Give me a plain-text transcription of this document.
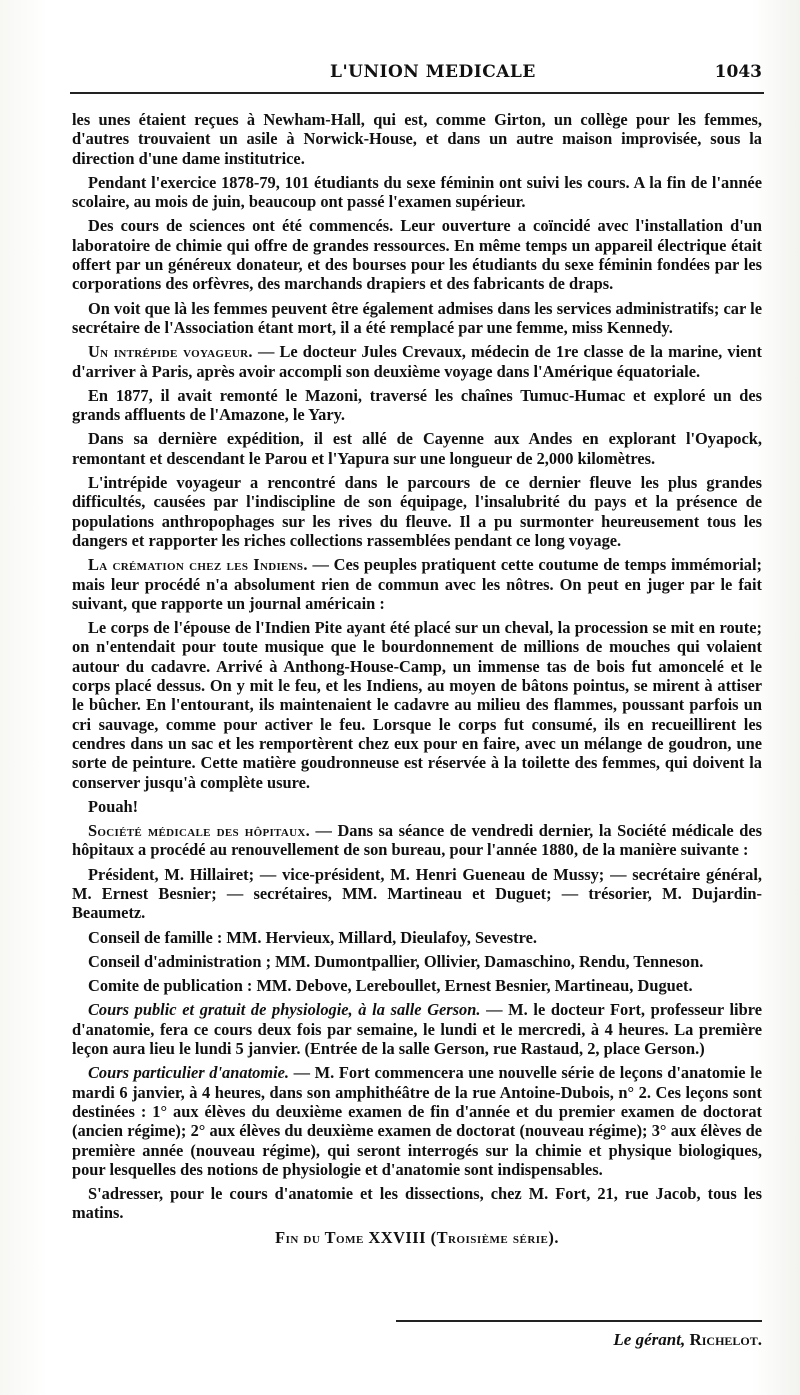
L'UNION MEDICALE	1043

les unes étaient reçues à Newham-Hall, qui est, comme Girton, un collège pour les femmes, d'autres trouvaient un asile à Norwick-House, et dans un autre maison improvisée, sous la direction d'une dame institutrice.

Pendant l'exercice 1878-79, 101 étudiants du sexe féminin ont suivi les cours. A la fin de l'année scolaire, au mois de juin, beaucoup ont passé l'examen supérieur.

Des cours de sciences ont été commencés. Leur ouverture a coïncidé avec l'installation d'un laboratoire de chimie qui offre de grandes ressources. En même temps un appareil électrique était offert par un généreux donateur, et des bourses pour les étudiants du sexe féminin fondées par les corporations des orfèvres, des marchands drapiers et des fabricants de draps.

On voit que là les femmes peuvent être également admises dans les services administratifs; car le secrétaire de l'Association étant mort, il a été remplacé par une femme, miss Kennedy.

Un intrépide voyageur. — Le docteur Jules Crevaux, médecin de 1re classe de la marine, vient d'arriver à Paris, après avoir accompli son deuxième voyage dans l'Amérique équatoriale.

En 1877, il avait remonté le Mazoni, traversé les chaînes Tumuc-Humac et exploré un des grands affluents de l'Amazone, le Yary.

Dans sa dernière expédition, il est allé de Cayenne aux Andes en explorant l'Oyapock, remontant et descendant le Parou et l'Yapura sur une longueur de 2,000 kilomètres.

L'intrépide voyageur a rencontré dans le parcours de ce dernier fleuve les plus grandes difficultés, causées par l'indiscipline de son équipage, l'insalubrité du pays et la présence de populations anthropophages sur les rives du fleuve. Il a pu surmonter heureusement tous les dangers et rapporter les riches collections rassemblées pendant ce long voyage.

La crémation chez les Indiens. — Ces peuples pratiquent cette coutume de temps immémorial; mais leur procédé n'a absolument rien de commun avec les nôtres. On peut en juger par le fait suivant, que rapporte un journal américain :

Le corps de l'épouse de l'Indien Pite ayant été placé sur un cheval, la procession se mit en route; on n'entendait pour toute musique que le bourdonnement de millions de mouches qui volaient autour du cadavre. Arrivé à Anthong-House-Camp, un immense tas de bois fut amoncelé et le corps placé dessus. On y mit le feu, et les Indiens, au moyen de bâtons pointus, se mirent à attiser le bûcher. En l'entourant, ils maintenaient le cadavre au milieu des flammes, poussant parfois un cri sauvage, comme pour activer le feu. Lorsque le corps fut consumé, ils en recueillirent les cendres dans un sac et les remportèrent chez eux pour en faire, avec un mélange de goudron, une sorte de peinture. Cette matière goudronneuse est réservée à la toilette des femmes, qui doivent la conserver jusqu'à complète usure.

Pouah!

Société médicale des hôpitaux. — Dans sa séance de vendredi dernier, la Société médicale des hôpitaux a procédé au renouvellement de son bureau, pour l'année 1880, de la manière suivante :

Président, M. Hillairet; — vice-président, M. Henri Gueneau de Mussy; — secrétaire général, M. Ernest Besnier; — secrétaires, MM. Martineau et Duguet; — trésorier, M. Dujardin-Beaumetz.

Conseil de famille : MM. Hervieux, Millard, Dieulafoy, Sevestre.

Conseil d'administration ; MM. Dumontpallier, Ollivier, Damaschino, Rendu, Tenneson.

Comite de publication : MM. Debove, Lereboullet, Ernest Besnier, Martineau, Duguet.

Cours public et gratuit de physiologie, à la salle Gerson. — M. le docteur Fort, professeur libre d'anatomie, fera ce cours deux fois par semaine, le lundi et le mercredi, à 4 heures. La première leçon aura lieu le lundi 5 janvier. (Entrée de la salle Gerson, rue Rastaud, 2, place Gerson.)

Cours particulier d'anatomie. — M. Fort commencera une nouvelle série de leçons d'anatomie le mardi 6 janvier, à 4 heures, dans son amphithéâtre de la rue Antoine-Dubois, n° 2. Ces leçons sont destinées : 1° aux élèves du deuxième examen de fin d'année et du premier examen de doctorat (ancien régime); 2° aux élèves du deuxième examen de doctorat (nouveau régime); 3° aux élèves de première année (nouveau régime), qui seront interrogés sur la chimie et physique biologiques, pour lesquelles des notions de physiologie et d'anatomie sont indispensables.

S'adresser, pour le cours d'anatomie et les dissections, chez M. Fort, 21, rue Jacob, tous les matins.

Fin du Tome XXVIII (Troisième série).

Le gérant, Richelot.
